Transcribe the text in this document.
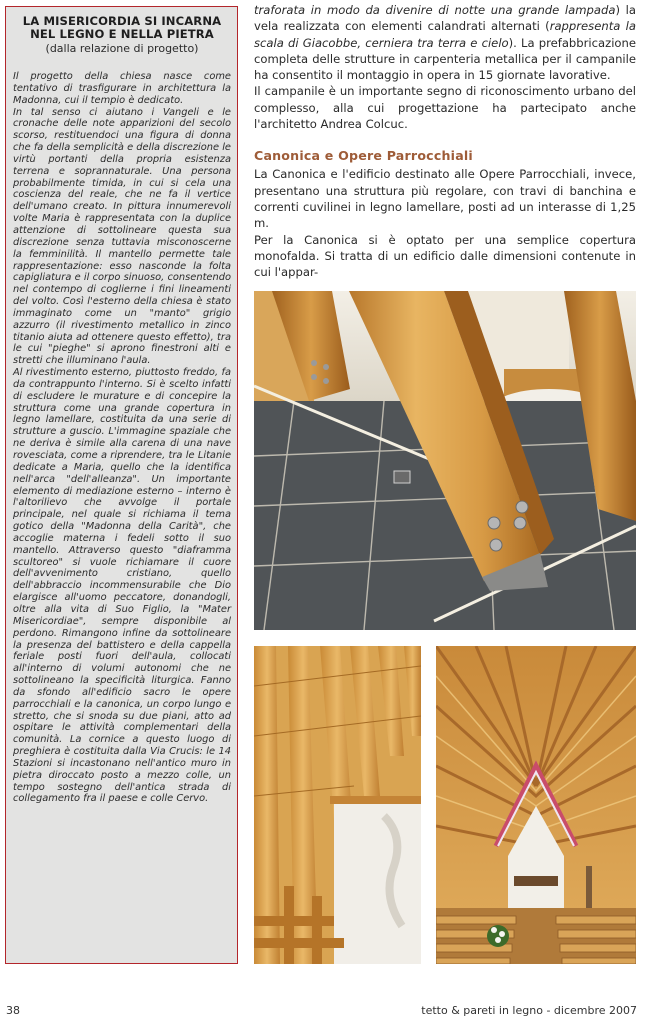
LA MISERICORDIA SI INCARNA
NEL LEGNO E NELLA PIETRA
(dalla relazione di progetto)

Il progetto della chiesa nasce come tentativo di trasfigurare in architettura la Madonna, cui il tempio è dedicato.

In tal senso ci aiutano i Vangeli e le cronache delle note apparizioni del secolo scorso, restituendoci una figura di donna che fa della semplicità e della discrezione le virtù portanti della propria esistenza terrena e soprannaturale. Una persona probabilmente timida, in cui si cela una coscienza del reale, che ne fa il vertice dell'umano creato. In pittura innumerevoli volte Maria è rappresentata con la duplice attenzione di sottolineare questa sua discrezione senza tuttavia misconoscerne la femminilità. Il mantello permette tale rappresentazione: esso nasconde la folta capigliatura e il corpo sinuoso, consentendo nel contempo di coglierne i fini lineamenti del volto. Così l'esterno della chiesa è stato immaginato come un "manto" grigio azzurro (il rivestimento metallico in zinco titanio aiuta ad ottenere questo effetto), tra le cui "pieghe" si aprono finestroni alti e stretti che illuminano l'aula.

Al rivestimento esterno, piuttosto freddo, fa da contrappunto l'interno. Si è scelto infatti di escludere le murature e di concepire la struttura come una grande copertura in legno lamellare, costituita da una serie di strutture a guscio. L'immagine spaziale che ne deriva è simile alla carena di una nave rovesciata, come a riprendere, tra le Litanie dedicate a Maria, quello che la identifica nell'arca "dell'alleanza". Un importante elemento di mediazione esterno – interno è l'altorilievo che avvolge il portale principale, nel quale si richiama il tema gotico della "Madonna della Carità", che accoglie materna i fedeli sotto il suo mantello. Attraverso questo "diaframma scultoreo" si vuole richiamare il cuore dell'avvenimento cristiano, quello dell'abbraccio incommensurabile che Dio elargisce all'uomo peccatore, donandogli, oltre alla vita di Suo Figlio, la "Mater Misericordiae", sempre disponibile al perdono. Rimangono infine da sottolineare la presenza del battistero e della cappella feriale posti fuori dell'aula, collocati all'interno di volumi autonomi che ne sottolineano la specificità liturgica. Fanno da sfondo all'edificio sacro le opere parrocchiali e la canonica, un corpo lungo e stretto, che si snoda su due piani, atto ad ospitare le attività complementari della comunità. La cornice a questo luogo di preghiera è costituita dalla Via Crucis: le 14 Stazioni si incastonano nell'antico muro in pietra diroccato posto a mezzo colle, un tempo sostegno dell'antica strada di collegamento fra il paese e colle Cervo.

traforata in modo da divenire di notte una grande lampada) la vela realizzata con elementi calandrati alternati (rappresenta la scala di Giacobbe, cerniera tra terra e cielo). La prefabbricazione completa delle strutture in carpenteria metallica per il campanile ha consentito il montaggio in opera in 15 giornate lavorative.

Il campanile è un importante segno di riconoscimento urbano del complesso, alla cui progettazione ha partecipato anche l'architetto Andrea Colcuc.

Canonica e Opere Parrocchiali

La Canonica e l'edificio destinato alle Opere Parrocchiali, invece, presentano una struttura più regolare, con travi di banchina e correnti cuvilinei in legno lamellare, posti ad un interasse di 1,25 m.

Per la Canonica si è optato per una semplice copertura monofalda. Si tratta di un edificio dalle dimensioni contenute in cui l'appar-

38	tetto & pareti in legno - dicembre 2007
